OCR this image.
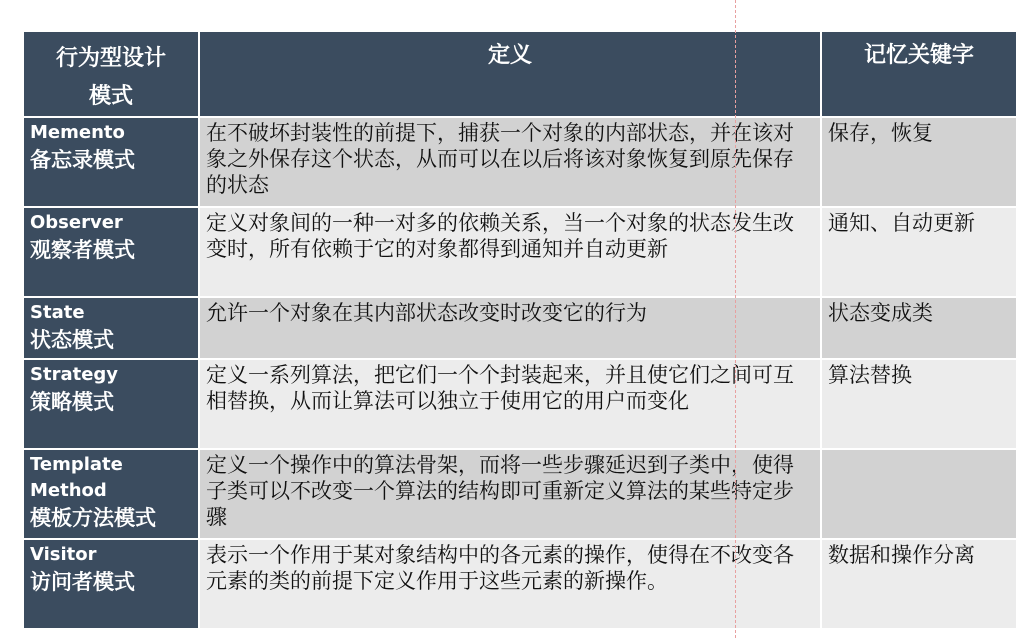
行为型设计
模式	定义	记忆关键字

Memento
备忘录模式	在不破坏封装性的前提下，捕获一个对象的内部状态，并在该对象之外保存这个状态，从而可以在以后将该对象恢复到原先保存的状态	保存，恢复

Observer
观察者模式	定义对象间的一种一对多的依赖关系，当一个对象的状态发生改变时，所有依赖于它的对象都得到通知并自动更新	通知、自动更新

State
状态模式	允许一个对象在其内部状态改变时改变它的行为	状态变成类

Strategy
策略模式	定义一系列算法，把它们一个个封装起来，并且使它们之间可互相替换，从而让算法可以独立于使用它的用户而变化	算法替换

Template Method
模板方法模式	定义一个操作中的算法骨架，而将一些步骤延迟到子类中，使得子类可以不改变一个算法的结构即可重新定义算法的某些特定步骤	

Visitor
访问者模式	表示一个作用于某对象结构中的各元素的操作，使得在不改变各元素的类的前提下定义作用于这些元素的新操作。	数据和操作分离
